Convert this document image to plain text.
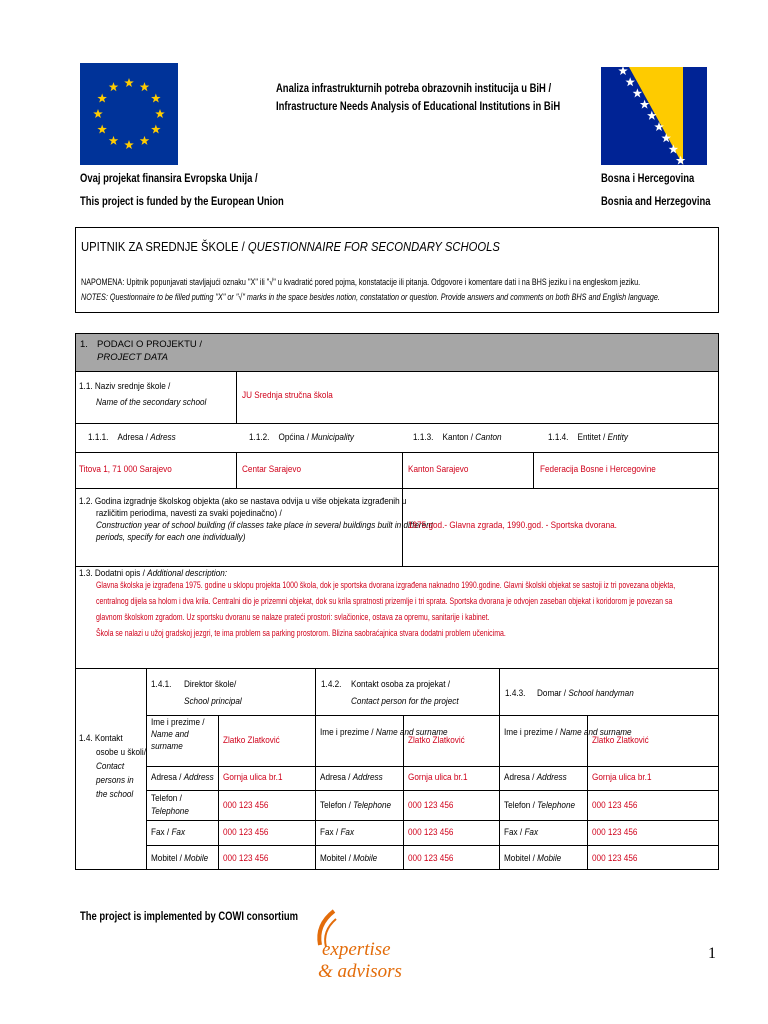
Analiza infrastrukturnih potreba obrazovnih institucija u BiH /
Infrastructure Needs Analysis of Educational Institutions in BiH
Ovaj projekat finansira Evropska Unija /
This project is funded by the European Union
Bosna i Hercegovina
Bosnia and Herzegovina
UPITNIK ZA SREDNJE ŠKOLE / QUESTIONNAIRE FOR SECONDARY SCHOOLS
NAPOMENA: Upitnik popunjavati stavljajući oznaku "X" ili "√" u kvadratić pored pojma, konstatacije ili pitanja. Odgovore i komentare dati i na BHS jeziku i na engleskom jeziku.
NOTES: Questionnaire to be filled putting "X" or "√" marks in the space besides notion, constatation or question. Provide answers and comments on both BHS and English language.
1. PODACI O PROJEKTU /
PROJECT DATA
1.1. Naziv srednje škole /
Name of the secondary school
JU Srednja stručna škola
1.1.1. Adresa / Adress	1.1.2. Općina / Municipality	1.1.3. Kanton / Canton	1.1.4. Entitet / Entity
Titova 1, 71 000 Sarajevo	Centar Sarajevo	Kanton Sarajevo	Federacija Bosne i Hercegovine
1.2. Godina izgradnje školskog objekta (ako se nastava odvija u više objekata izgrađenih u
različitim periodima, navesti za svaki pojedinačno) /
Construction year of school building (if classes take place in several buildings built in different
periods, specify for each one individually)
1975.god.- Glavna zgrada, 1990.god. - Sportska dvorana.
1.3. Dodatni opis / Additional description:
Glavna školska je izgrađena 1975. godine u sklopu projekta 1000 škola, dok je sportska dvorana izgrađena naknadno 1990.godine. Glavni školski objekat se sastoji iz tri povezana objekta,
centralnog dijela sa holom i dva krila. Centralni dio je prizemni objekat, dok su krila spratnosti prizemlje i tri sprata. Sportska dvorana je odvojen zaseban objekat i koridorom je povezan sa
glavnom školskom zgradom. Uz sportsku dvoranu se nalaze prateći prostori: svlačionice, ostava za opremu, sanitarije i kabinet.
Škola se nalazi u užoj gradskoj jezgri, te ima problem sa parking prostorom. Blizina saobraćajnica stvara dodatni problem učenicima.
1.4. Kontakt
osobe u školi/
Contact
persons in
the school
1.4.1. Direktor škole/
School principal
Ime i prezime /
Name and surname
Zlatko Zlatković
Adresa / Address Gornja ulica br.1
Telefon /
Telephone
000 123 456
Fax / Fax	000 123 456
Mobitel / Mobile 000 123 456
1.4.2. Kontakt osoba za projekat /
Contact person for the project
Ime i prezime / Name and surname
Zlatko Zlatković
Adresa / Address	Gornja ulica br.1
Telefon / Telephone 000 123 456
Fax / Fax	000 123 456
Mobitel / Mobile	000 123 456
1.4.3. Domar / School handyman
Ime i prezime / Name and surname
Zlatko Zlatković
Adresa / Address	Gornja ulica br.1
Telefon / Telephone 000 123 456
Fax / Fax	000 123 456
Mobitel / Mobile	000 123 456
The project is implemented by COWI consortium
expertise
& advisors
1
